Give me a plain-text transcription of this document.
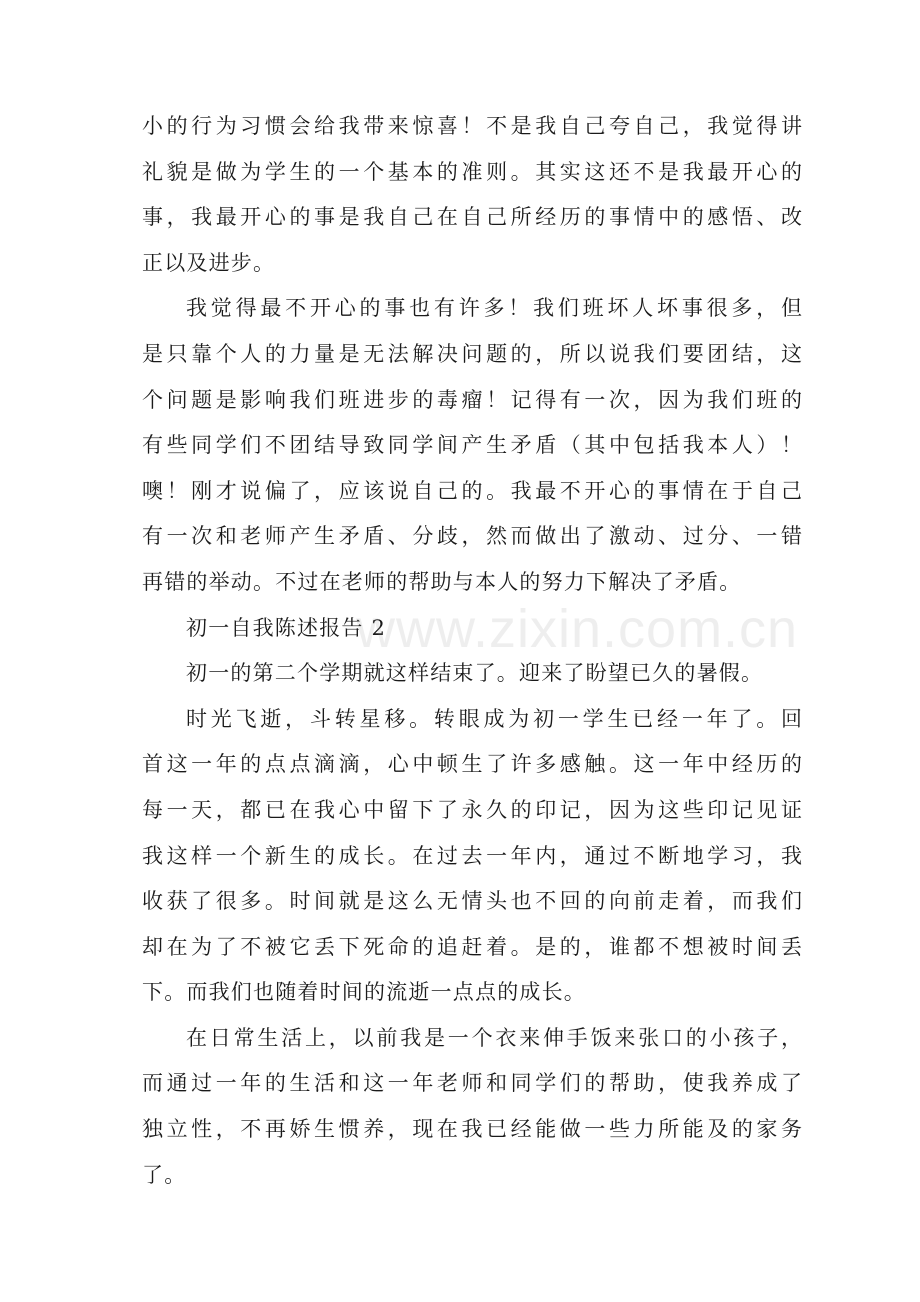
小的行为习惯会给我带来惊喜！不是我自己夸自己，我觉得讲
礼貌是做为学生的一个基本的准则。其实这还不是我最开心的
事，我最开心的事是我自己在自己所经历的事情中的感悟、改
正以及进步。
我觉得最不开心的事也有许多！我们班坏人坏事很多，但
是只靠个人的力量是无法解决问题的，所以说我们要团结，这
个问题是影响我们班进步的毒瘤！记得有一次，因为我们班的
有些同学们不团结导致同学间产生矛盾（其中包括我本人）！
噢！刚才说偏了，应该说自己的。我最不开心的事情在于自己
有一次和老师产生矛盾、分歧，然而做出了激动、过分、一错
再错的举动。不过在老师的帮助与本人的努力下解决了矛盾。
初一自我陈述报告 2
初一的第二个学期就这样结束了。迎来了盼望已久的暑假。
时光飞逝，斗转星移。转眼成为初一学生已经一年了。回
首这一年的点点滴滴，心中顿生了许多感触。这一年中经历的
每一天，都已在我心中留下了永久的印记，因为这些印记见证
我这样一个新生的成长。在过去一年内，通过不断地学习，我
收获了很多。时间就是这么无情头也不回的向前走着，而我们
却在为了不被它丢下死命的追赶着。是的，谁都不想被时间丢
下。而我们也随着时间的流逝一点点的成长。
在日常生活上，以前我是一个衣来伸手饭来张口的小孩子，
而通过一年的生活和这一年老师和同学们的帮助，使我养成了
独立性，不再娇生惯养，现在我已经能做一些力所能及的家务
了。
www.zixin.com.cn
